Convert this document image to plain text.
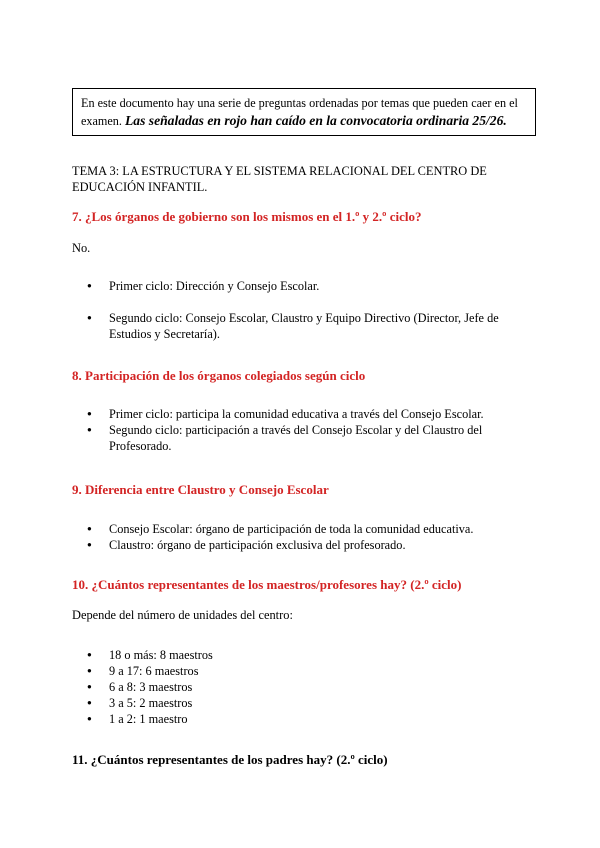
En este documento hay una serie de preguntas ordenadas por temas que pueden caer en el examen. Las señaladas en rojo han caído en la convocatoria ordinaria 25/26.
TEMA 3: LA ESTRUCTURA Y EL SISTEMA RELACIONAL DEL CENTRO DE EDUCACIÓN INFANTIL.
7. ¿Los órganos de gobierno son los mismos en el 1.º y 2.º ciclo?
No.
● Primer ciclo: Dirección y Consejo Escolar.
● Segundo ciclo: Consejo Escolar, Claustro y Equipo Directivo (Director, Jefe de Estudios y Secretaría).
8. Participación de los órganos colegiados según ciclo
● Primer ciclo: participa la comunidad educativa a través del Consejo Escolar.
● Segundo ciclo: participación a través del Consejo Escolar y del Claustro del Profesorado.
9. Diferencia entre Claustro y Consejo Escolar
● Consejo Escolar: órgano de participación de toda la comunidad educativa.
● Claustro: órgano de participación exclusiva del profesorado.
10. ¿Cuántos representantes de los maestros/profesores hay? (2.º ciclo)
Depende del número de unidades del centro:
● 18 o más: 8 maestros
● 9 a 17: 6 maestros
● 6 a 8: 3 maestros
● 3 a 5: 2 maestros
● 1 a 2: 1 maestro
11. ¿Cuántos representantes de los padres hay? (2.º ciclo)
